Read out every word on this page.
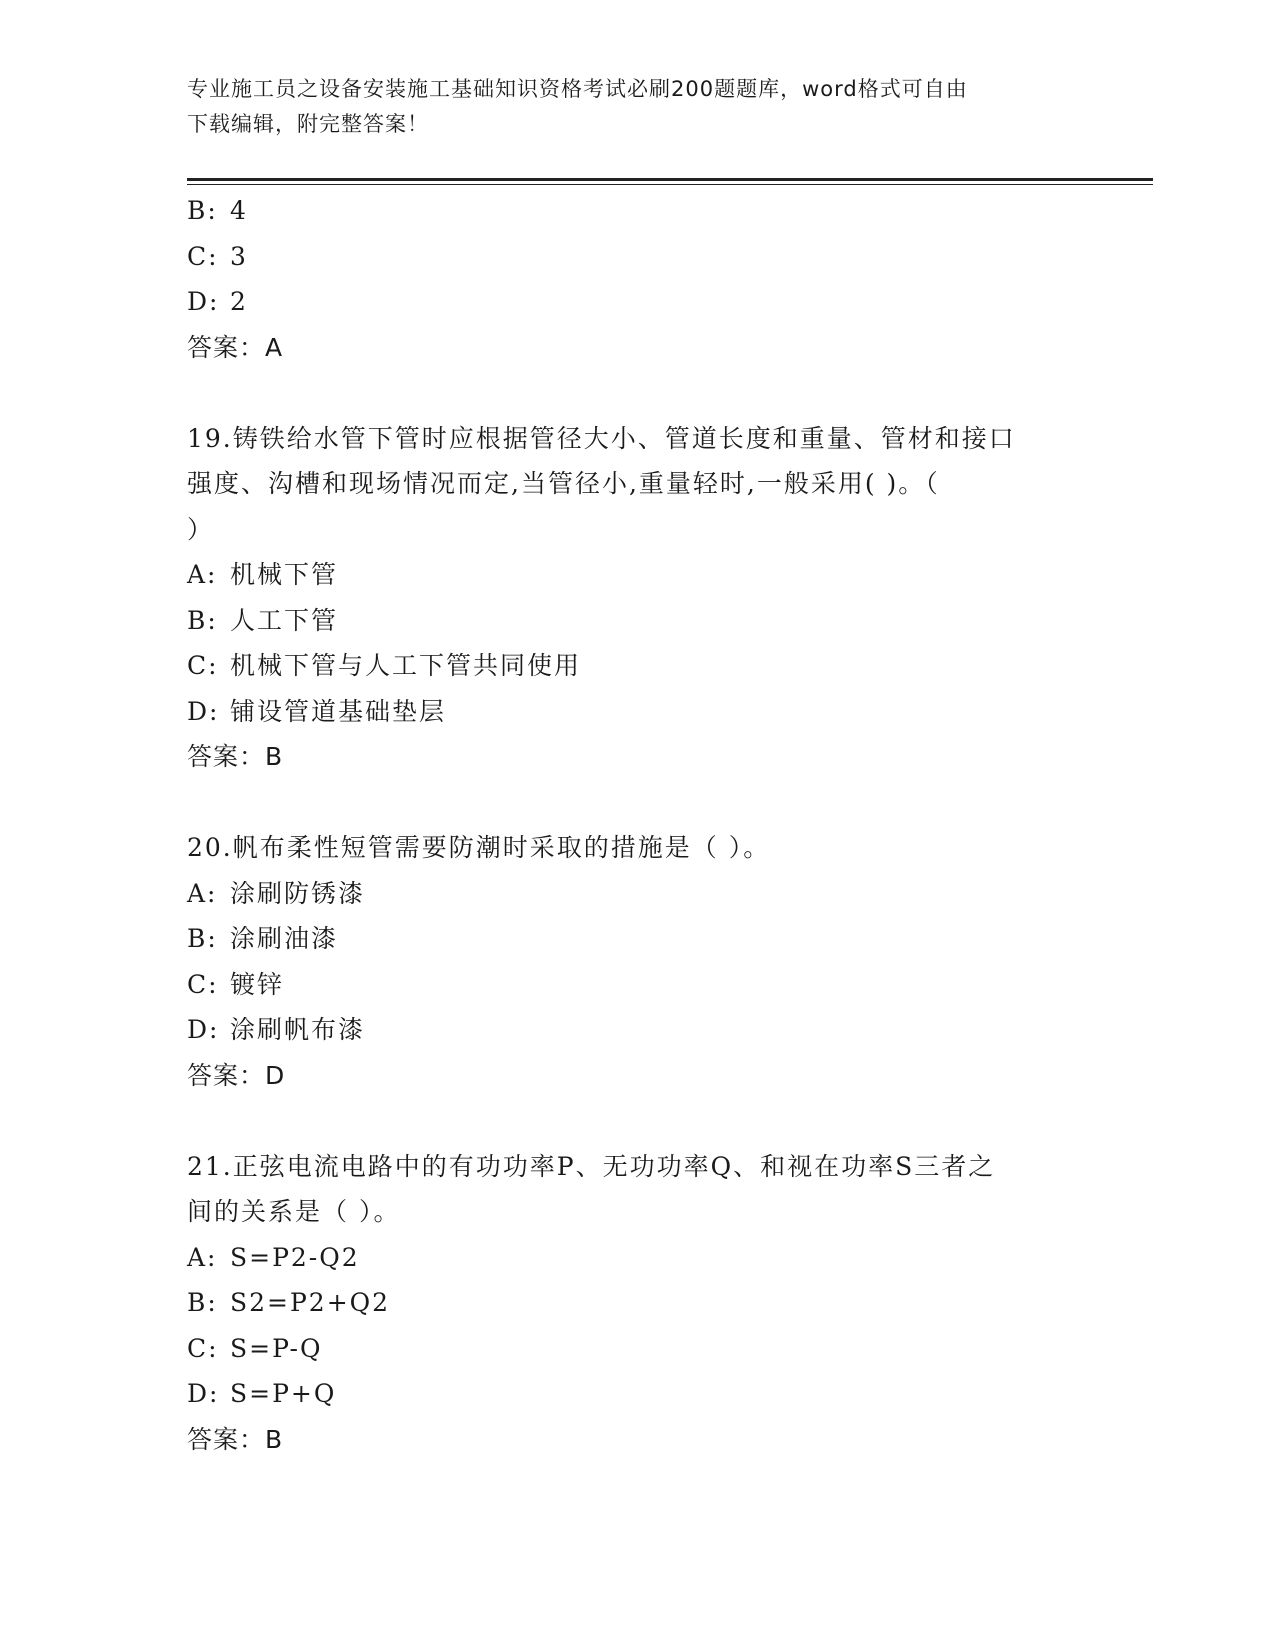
专业施工员之设备安装施工基础知识资格考试必刷200题题库，word格式可自由
下载编辑，附完整答案！
B: 4
C: 3
D: 2
答案：A
19.铸铁给水管下管时应根据管径大小、管道长度和重量、管材和接口
强度、沟槽和现场情况而定,当管径小,重量轻时,一般采用( )。（
）
A: 机械下管
B: 人工下管
C: 机械下管与人工下管共同使用
D: 铺设管道基础垫层
答案：B
20.帆布柔性短管需要防潮时采取的措施是（ ）。
A: 涂刷防锈漆
B: 涂刷油漆
C: 镀锌
D: 涂刷帆布漆
答案：D
21.正弦电流电路中的有功功率P、无功功率Q、和视在功率S三者之
间的关系是（ ）。
A: S=P2-Q2
B: S2=P2+Q2
C: S=P-Q
D: S=P+Q
答案：B
